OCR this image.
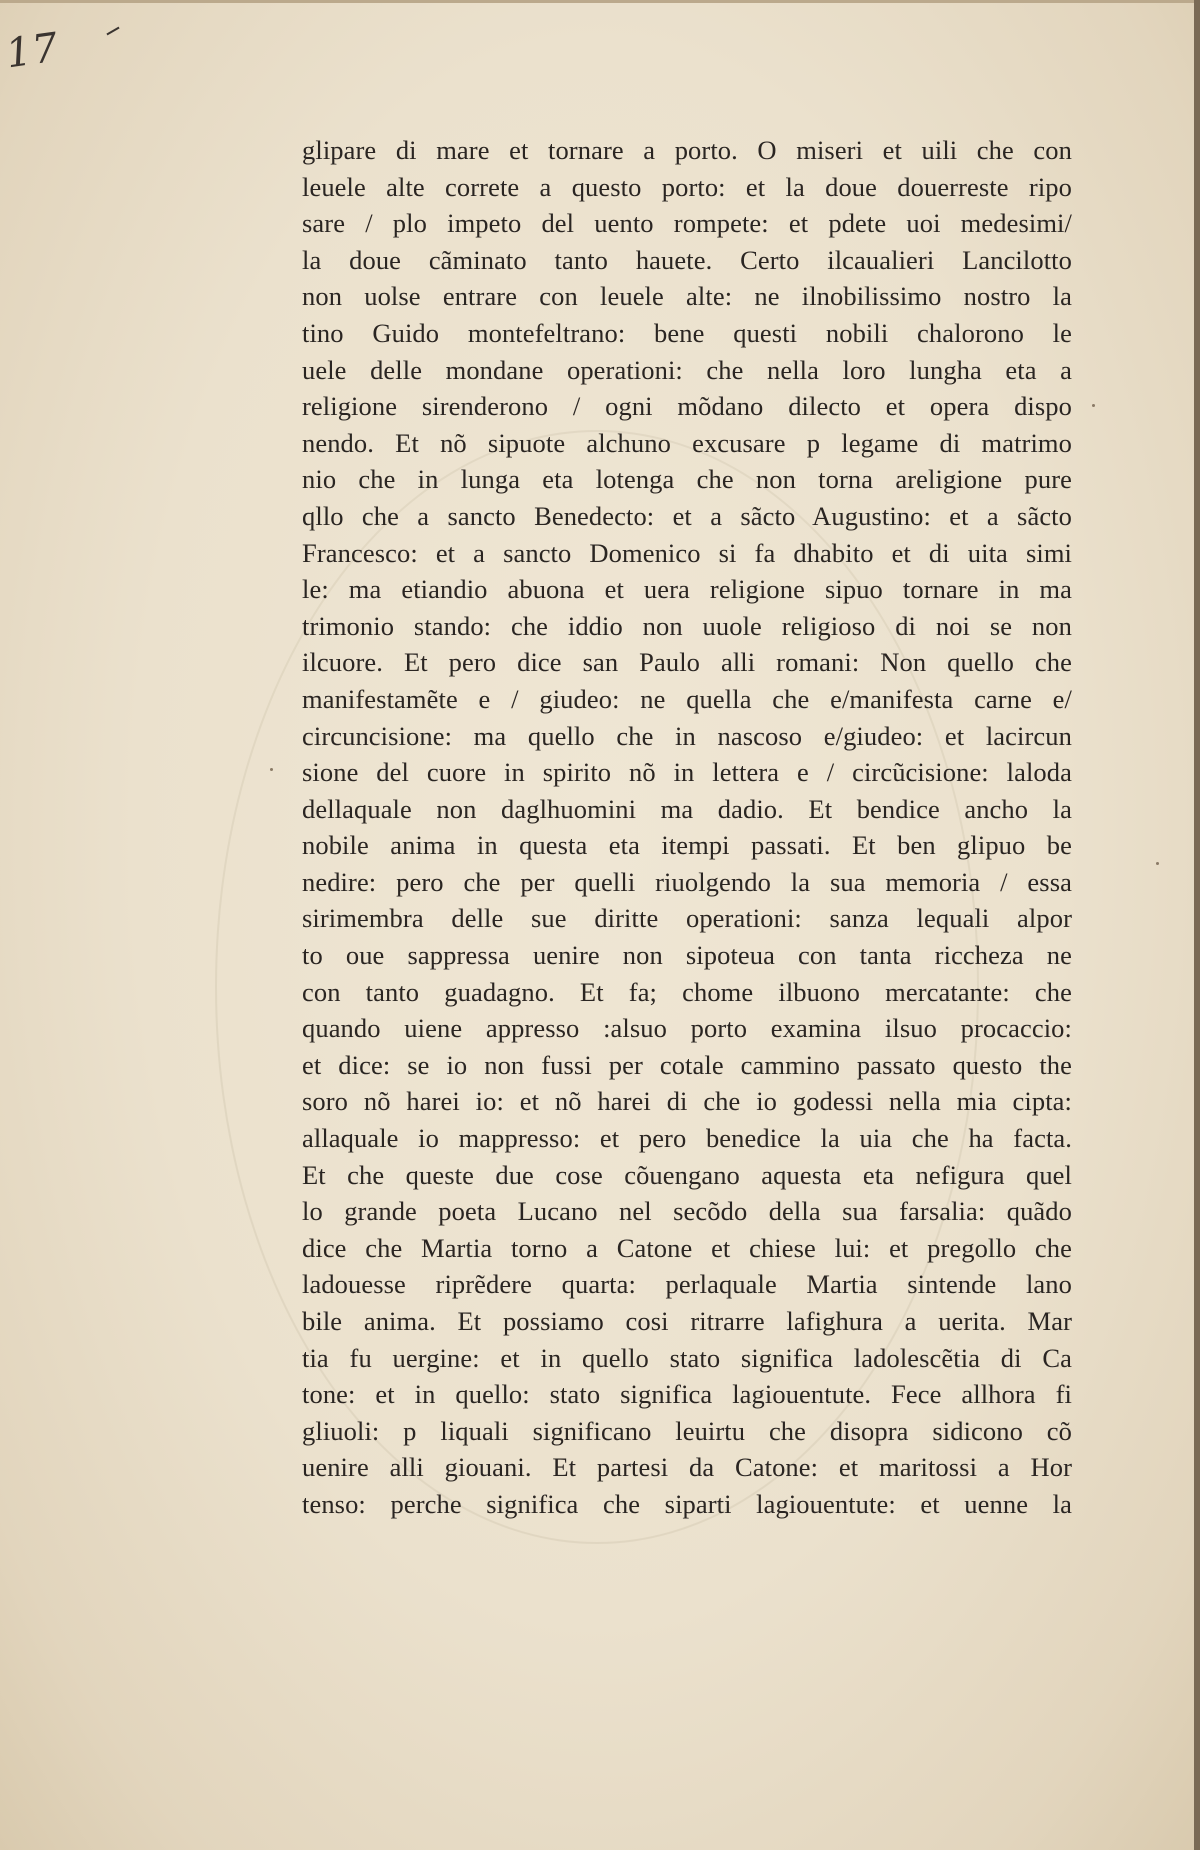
17
glipare di mare et tornare a porto. O miseri et uili che con
leuele alte correte a questo porto: et la doue douerreste ripo
sare / plo impeto del uento rompete: et pdete uoi medesimi/
la doue cãminato tanto hauete. Certo ilcaualieri Lancilotto
non uolse entrare con leuele alte: ne ilnobilissimo nostro la
tino Guido montefeltrano: bene questi nobili chalorono le
uele delle mondane operationi: che nella loro lungha eta a
religione sirenderono / ogni mõdano dilecto et opera dispo
nendo. Et nõ sipuote alchuno excusare p legame di matrimo
nio che in lunga eta lotenga che non torna areligione pure
qllo che a sancto Benedecto: et a sãcto Augustino: et a sãcto
Francesco: et a sancto Domenico si fa dhabito et di uita simi
le: ma etiandio abuona et uera religione sipuo tornare in ma
trimonio stando: che iddio non uuole religioso di noi se non
ilcuore. Et pero dice san Paulo alli romani: Non quello che
manifestamẽte e / giudeo: ne quella che e/manifesta carne e/
circuncisione: ma quello che in nascoso e/giudeo: et lacircun
sione del cuore in spirito nõ in lettera e / circũcisione: laloda
dellaquale non daglhuomini ma dadio. Et bendice ancho la
nobile anima in questa eta itempi passati. Et ben glipuo be
nedire: pero che per quelli riuolgendo la sua memoria / essa
sirimembra delle sue diritte operationi: sanza lequali alpor
to oue sappressa uenire non sipoteua con tanta riccheza ne
con tanto guadagno. Et fa; chome ilbuono mercatante: che
quando uiene appresso :alsuo porto examina ilsuo procaccio:
et dice: se io non fussi per cotale cammino passato questo the
soro nõ harei io: et nõ harei di che io godessi nella mia cipta:
allaquale io mappresso: et pero benedice la uia che ha facta.
Et che queste due cose cõuengano aquesta eta nefigura quel
lo grande poeta Lucano nel secõdo della sua farsalia: quãdo
dice che Martia torno a Catone et chiese lui: et pregollo che
ladouesse riprẽdere quarta: perlaquale Martia sintende lano
bile anima. Et possiamo cosi ritrarre lafighura a uerita. Mar
tia fu uergine: et in quello stato significa ladolescẽtia di Ca
tone: et in quello: stato significa lagiouentute. Fece allhora fi
gliuoli: p liquali significano leuirtu che disopra sidicono cõ
uenire alli giouani. Et partesi da Catone: et maritossi a Hor
tenso: perche significa che siparti lagiouentute: et uenne la
